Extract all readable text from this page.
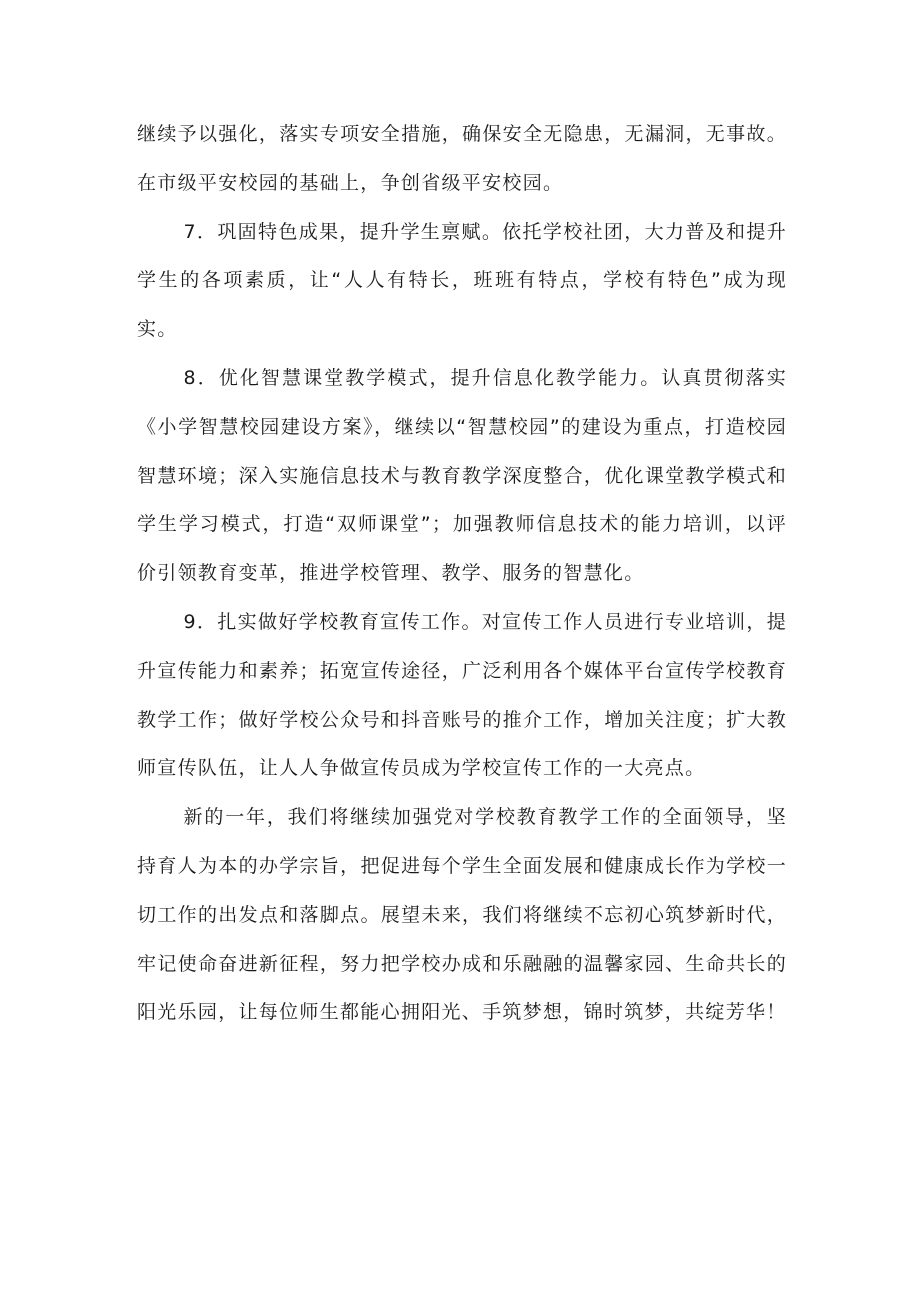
继续予以强化，落实专项安全措施，确保安全无隐患，无漏洞，无事故。在市级平安校园的基础上，争创省级平安校园。

7．巩固特色成果，提升学生禀赋。依托学校社团，大力普及和提升学生的各项素质，让“人人有特长，班班有特点，学校有特色”成为现实。

8．优化智慧课堂教学模式，提升信息化教学能力。认真贯彻落实《小学智慧校园建设方案》，继续以“智慧校园”的建设为重点，打造校园智慧环境；深入实施信息技术与教育教学深度整合，优化课堂教学模式和学生学习模式，打造“双师课堂”；加强教师信息技术的能力培训，以评价引领教育变革，推进学校管理、教学、服务的智慧化。

9．扎实做好学校教育宣传工作。对宣传工作人员进行专业培训，提升宣传能力和素养；拓宽宣传途径，广泛利用各个媒体平台宣传学校教育教学工作；做好学校公众号和抖音账号的推介工作，增加关注度；扩大教师宣传队伍，让人人争做宣传员成为学校宣传工作的一大亮点。

新的一年，我们将继续加强党对学校教育教学工作的全面领导，坚持育人为本的办学宗旨，把促进每个学生全面发展和健康成长作为学校一切工作的出发点和落脚点。展望未来，我们将继续不忘初心筑梦新时代，牢记使命奋进新征程，努力把学校办成和乐融融的温馨家园、生命共长的阳光乐园，让每位师生都能心拥阳光、手筑梦想，锦时筑梦，共绽芳华！
